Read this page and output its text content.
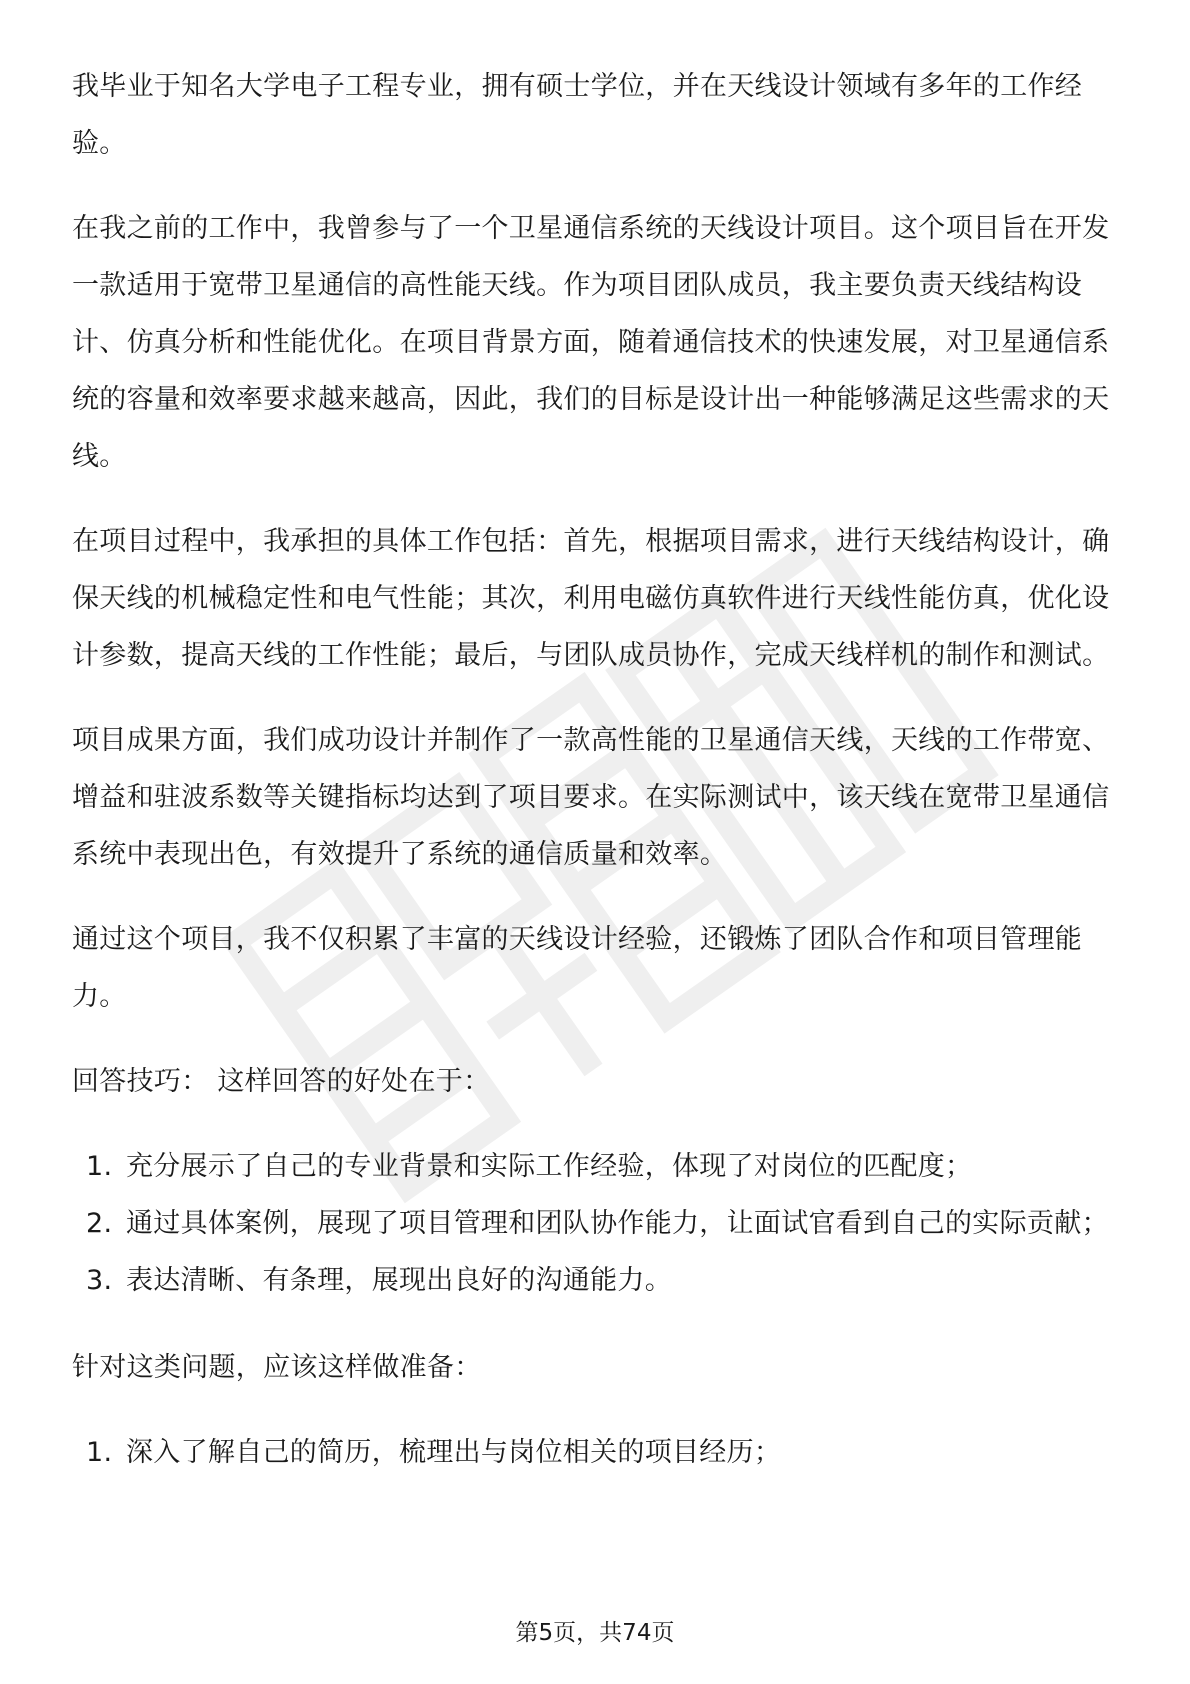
我毕业于知名大学电子工程专业，拥有硕士学位，并在天线设计领域有多年的工作经验。

在我之前的工作中，我曾参与了一个卫星通信系统的天线设计项目。这个项目旨在开发一款适用于宽带卫星通信的高性能天线。作为项目团队成员，我主要负责天线结构设计、仿真分析和性能优化。在项目背景方面，随着通信技术的快速发展，对卫星通信系统的容量和效率要求越来越高，因此，我们的目标是设计出一种能够满足这些需求的天线。

在项目过程中，我承担的具体工作包括：首先，根据项目需求，进行天线结构设计，确保天线的机械稳定性和电气性能；其次，利用电磁仿真软件进行天线性能仿真，优化设计参数，提高天线的工作性能；最后，与团队成员协作，完成天线样机的制作和测试。

项目成果方面，我们成功设计并制作了一款高性能的卫星通信天线，天线的工作带宽、增益和驻波系数等关键指标均达到了项目要求。在实际测试中，该天线在宽带卫星通信系统中表现出色，有效提升了系统的通信质量和效率。

通过这个项目，我不仅积累了丰富的天线设计经验，还锻炼了团队合作和项目管理能力。

回答技巧： 这样回答的好处在于：

1. 充分展示了自己的专业背景和实际工作经验，体现了对岗位的匹配度；
2. 通过具体案例，展现了项目管理和团队协作能力，让面试官看到自己的实际贡献；
3. 表达清晰、有条理，展现出良好的沟通能力。

针对这类问题，应该这样做准备：

1. 深入了解自己的简历，梳理出与岗位相关的项目经历；
第5页，共74页
